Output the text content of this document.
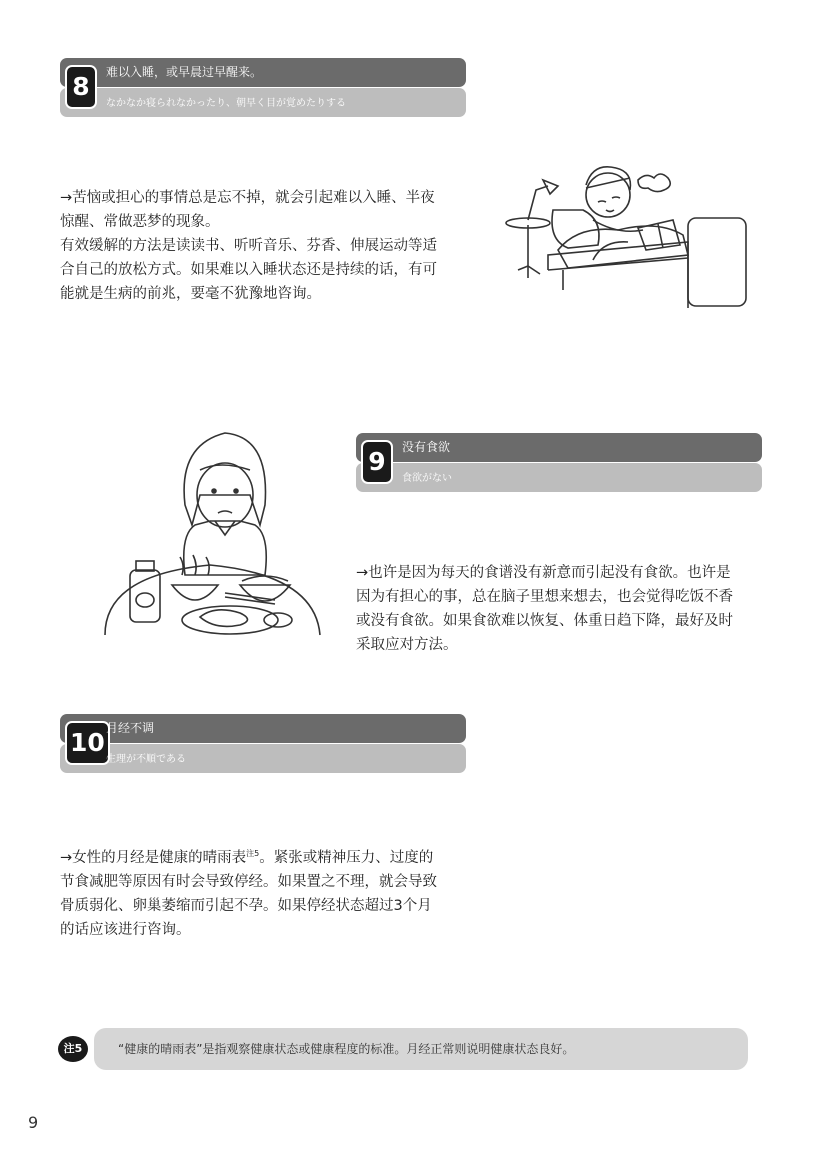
8	难以入睡，或早晨过早醒来。
なかなか寝られなかったり、朝早く目が覚めたりする

→苦恼或担心的事情总是忘不掉，就会引起难以入睡、半夜

惊醒、常做恶梦的现象。

有效缓解的方法是读读书、听听音乐、芬香、伸展运动等适

合自己的放松方式。如果难以入睡状态还是持续的话，有可

能就是生病的前兆，要毫不犹豫地咨询。

9	没有食欲
食欲がない

→也许是因为每天的食谱没有新意而引起没有食欲。也许是

因为有担心的事，总在脑子里想来想去，也会觉得吃饭不香

或没有食欲。如果食欲难以恢复、体重日趋下降，最好及时

采取应对方法。

10 月经不调
生理が不順である

→女性的月经是健康的晴雨表$^{注5}$。紧张或精神压力、过度的

节食减肥等原因有时会导致停经。如果置之不理，就会导致

骨质弱化、卵巢萎缩而引起不孕。如果停经状态超过3个月

的话应该进行咨询。

注5	“健康的晴雨表”是指观察健康状态或健康程度的标准。月经正常则说明健康状态良好。
9
